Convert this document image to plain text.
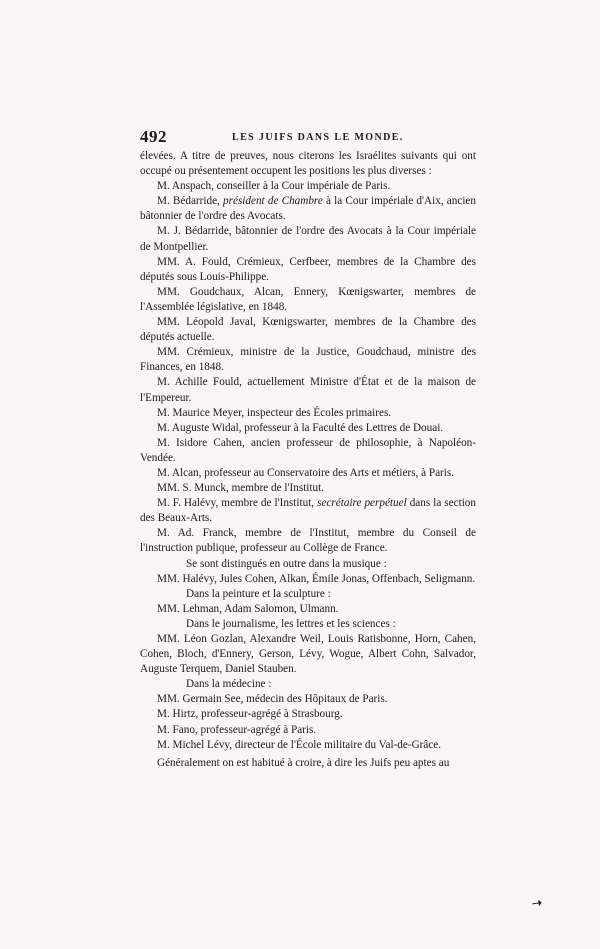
492	LES JUIFS DANS LE MONDE.

élevées. A titre de preuves, nous citerons les Israélites suivants qui ont occupé ou présentement occupent les positions les plus diverses :

M. Anspach, conseiller à la Cour impériale de Paris.

M. Bédarride, président de Chambre à la Cour impériale d'Aix, ancien bâtonnier de l'ordre des Avocats.

M. J. Bédarride, bâtonnier de l'ordre des Avocats à la Cour impériale de Montpellier.

MM. A. Fould, Crémieux, Cerfbeer, membres de la Chambre des députés sous Louis-Philippe.

MM. Goudchaux, Alcan, Ennery, Kœnigswarter, membres de l'Assemblée législative, en 1848.

MM. Léopold Javal, Kœnigswarter, membres de la Chambre des députés actuelle.

MM. Crémieux, ministre de la Justice, Goudchaud, ministre des Finances, en 1848.

M. Achille Fould, actuellement Ministre d'État et de la maison de l'Empereur.

M. Maurice Meyer, inspecteur des Écoles primaires.

M. Auguste Widal, professeur à la Faculté des Lettres de Douai.

M. Isidore Cahen, ancien professeur de philosophie, à Napoléon-Vendée.

M. Alcan, professeur au Conservatoire des Arts et métiers, à Paris.

MM. S. Munck, membre de l'Institut.

M. F. Halévy, membre de l'Institut, secrétaire perpétuel dans la section des Beaux-Arts.

M. Ad. Franck, membre de l'Institut, membre du Conseil de l'instruction publique, professeur au Collège de France.

Se sont distingués en outre dans la musique :

MM. Halévy, Jules Cohen, Alkan, Émile Jonas, Offenbach, Seligmann.

Dans la peinture et la sculpture :

MM. Lehman, Adam Salomon, Ulmann.

Dans le journalisme, les lettres et les sciences :

MM. Léon Gozlan, Alexandre Weil, Louis Ratisbonne, Horn, Cahen, Cohen, Bloch, d'Ennery, Gerson, Lévy, Wogue, Albert Cohn, Salvador, Auguste Terquem, Daniel Stauben.

Dans la médecine :

MM. Germain See, médecin des Hôpitaux de Paris.

M. Hirtz, professeur-agrégé à Strasbourg.

M. Fano, professeur-agrégé à Paris.

M. Michel Lévy, directeur de l'École militaire du Val-de-Grâce.

Généralement on est habitué à croire, à dire les Juifs peu aptes au

➝
